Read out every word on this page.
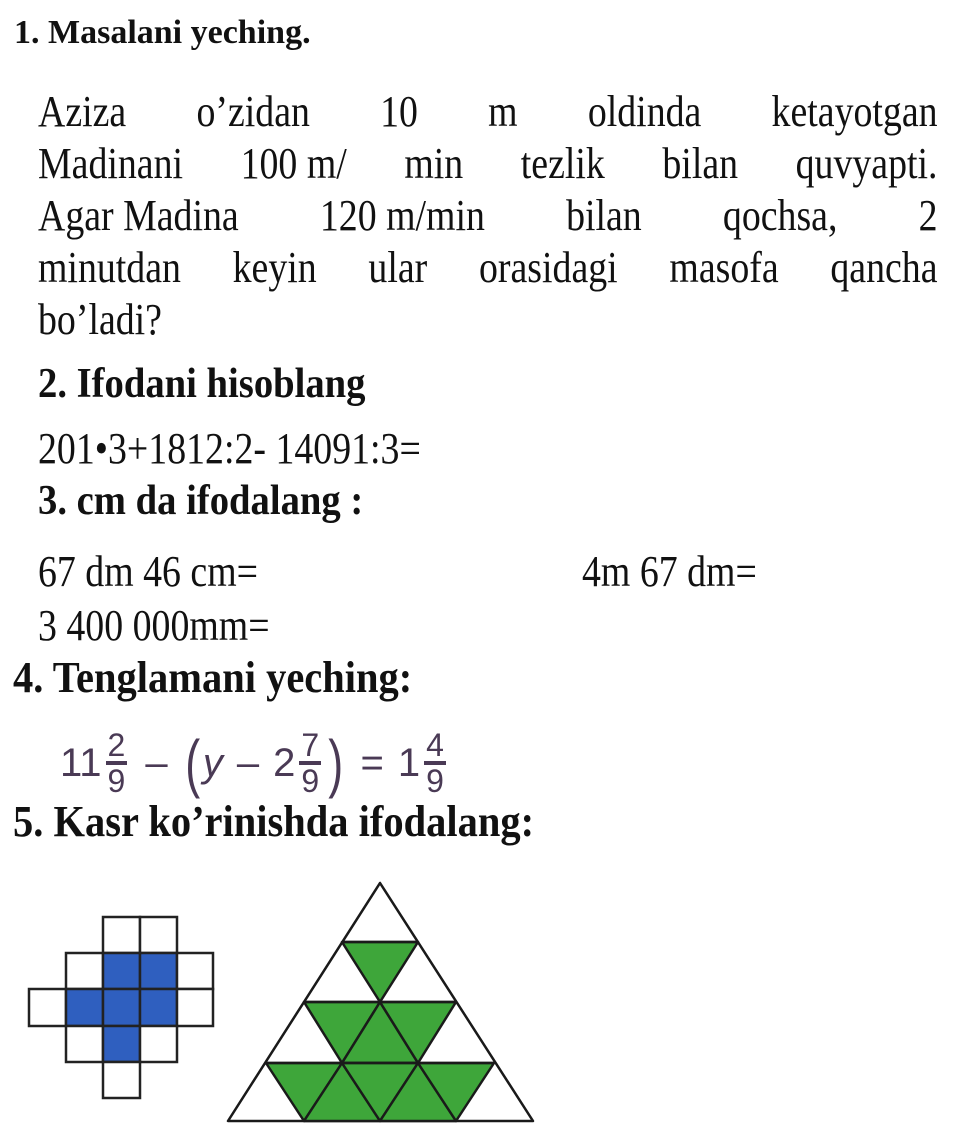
1. Masalani yeching.
Aziza o’zidan 10 m oldinda ketayotgan
Madinani 100 m/ min tezlik bilan quvyapti.
Agar Madina 120 m/min bilan qochsa, 2
minutdan keyin ular orasidagi masofa qancha
bo’ladi?
2. Ifodani hisoblang
201•3+1812:2- 14091:3=
3. cm da ifodalang :
67 dm 46 cm=	4m 67 dm=
3 400 000mm=
4. Tenglamani yeching:
$11 \frac{2}{9}$ – ( y – $2 \frac{7}{9}$ ) = $1 \frac{4}{9}$
5. Kasr ko’rinishda ifodalang:
